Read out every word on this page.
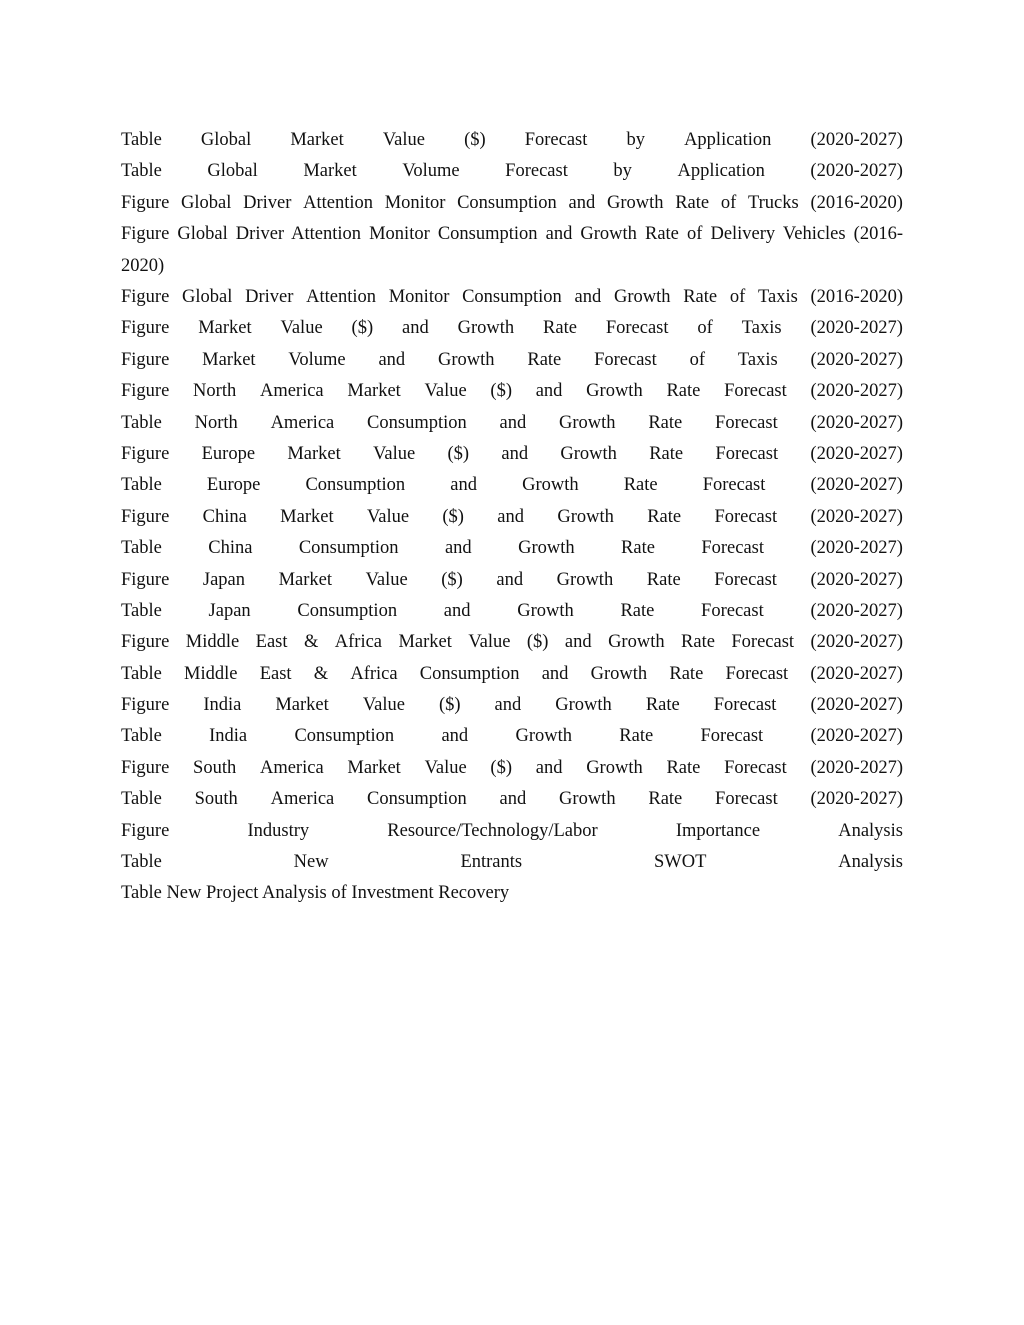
Table Global Market Value ($) Forecast by Application (2020-2027)
Table Global Market Volume Forecast by Application (2020-2027)
Figure Global Driver Attention Monitor Consumption and Growth Rate of Trucks (2016-2020)
Figure Global Driver Attention Monitor Consumption and Growth Rate of Delivery Vehicles (2016-2020)
Figure Global Driver Attention Monitor Consumption and Growth Rate of Taxis (2016-2020)
Figure Market Value ($) and Growth Rate Forecast of Taxis (2020-2027)
Figure Market Volume and Growth Rate Forecast of Taxis (2020-2027)
Figure North America Market Value ($) and Growth Rate Forecast (2020-2027)
Table North America Consumption and Growth Rate Forecast (2020-2027)
Figure Europe Market Value ($) and Growth Rate Forecast (2020-2027)
Table Europe Consumption and Growth Rate Forecast (2020-2027)
Figure China Market Value ($) and Growth Rate Forecast (2020-2027)
Table	China	Consumption	and	Growth	Rate	Forecast	(2020-2027)
Figure Japan Market Value ($) and Growth Rate Forecast (2020-2027)
Table	Japan	Consumption	and	Growth	Rate	Forecast	(2020-2027)
Figure Middle East & Africa Market Value ($) and Growth Rate Forecast (2020-2027)
Table Middle East & Africa Consumption and Growth Rate Forecast (2020-2027)
Figure India Market Value ($) and Growth Rate Forecast (2020-2027)
Table	India	Consumption	and	Growth	Rate	Forecast	(2020-2027)
Figure South America Market Value ($) and Growth Rate Forecast (2020-2027)
Table South America Consumption and Growth Rate Forecast (2020-2027)
Figure	Industry	Resource/Technology/Labor	Importance	Analysis
Table	New	Entrants	SWOT	Analysis
Table New Project Analysis of Investment Recovery
